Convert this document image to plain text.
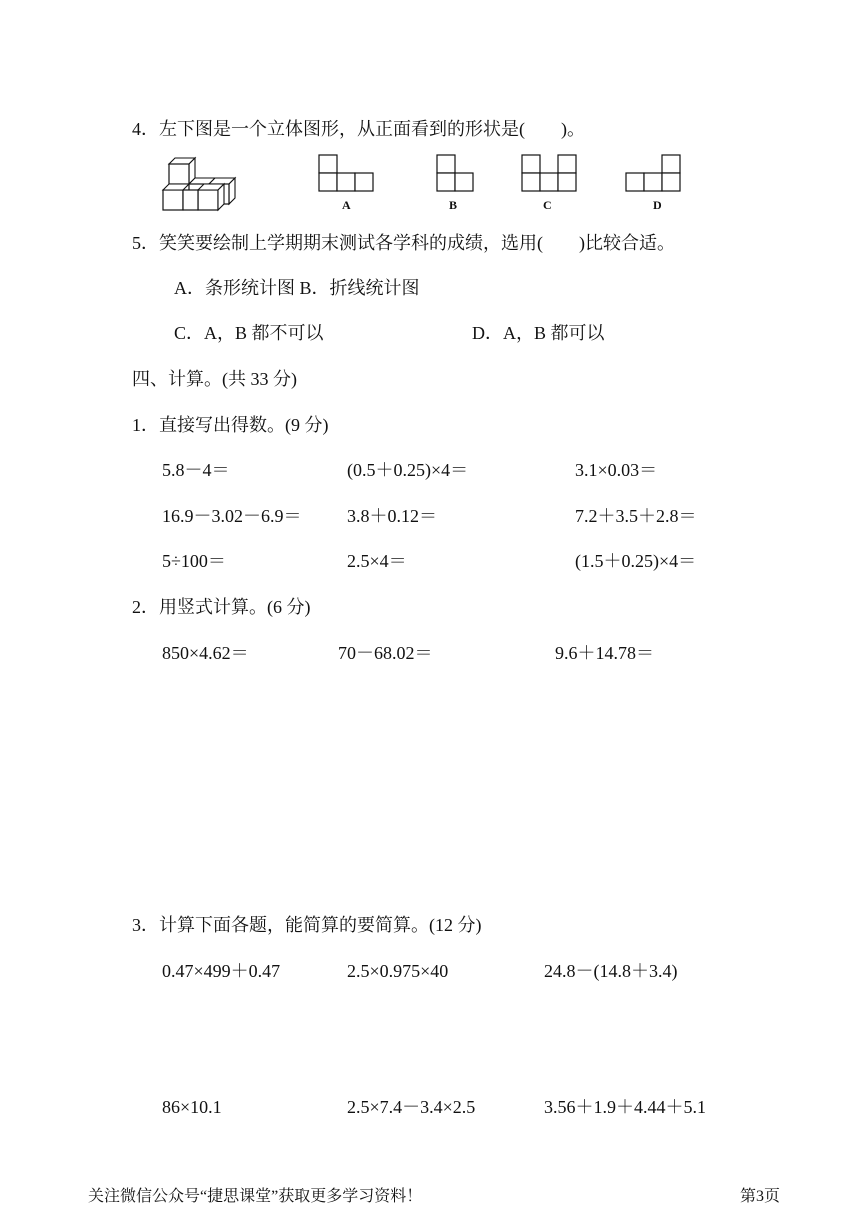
4．左下图是一个立体图形，从正面看到的形状是(　　)。
A	B	C	D
5．笑笑要绘制上学期期末测试各学科的成绩，选用(　　)比较合适。
A．条形统计图 B．折线统计图
C．A，B 都不可以	D．A，B 都可以
四、计算。(共 33 分)
1．直接写出得数。(9 分)
5.8－4＝	(0.5＋0.25)×4＝	3.1×0.03＝
16.9－3.02－6.9＝	3.8＋0.12＝	7.2＋3.5＋2.8＝
5÷100＝	2.5×4＝	(1.5＋0.25)×4＝
2．用竖式计算。(6 分)
850×4.62＝	70－68.02＝	9.6＋14.78＝
3．计算下面各题，能简算的要简算。(12 分)
0.47×499＋0.47	2.5×0.975×40	24.8－(14.8＋3.4)
86×10.1	2.5×7.4－3.4×2.5	3.56＋1.9＋4.44＋5.1
关注微信公众号“捷思课堂”获取更多学习资料！	第3页
